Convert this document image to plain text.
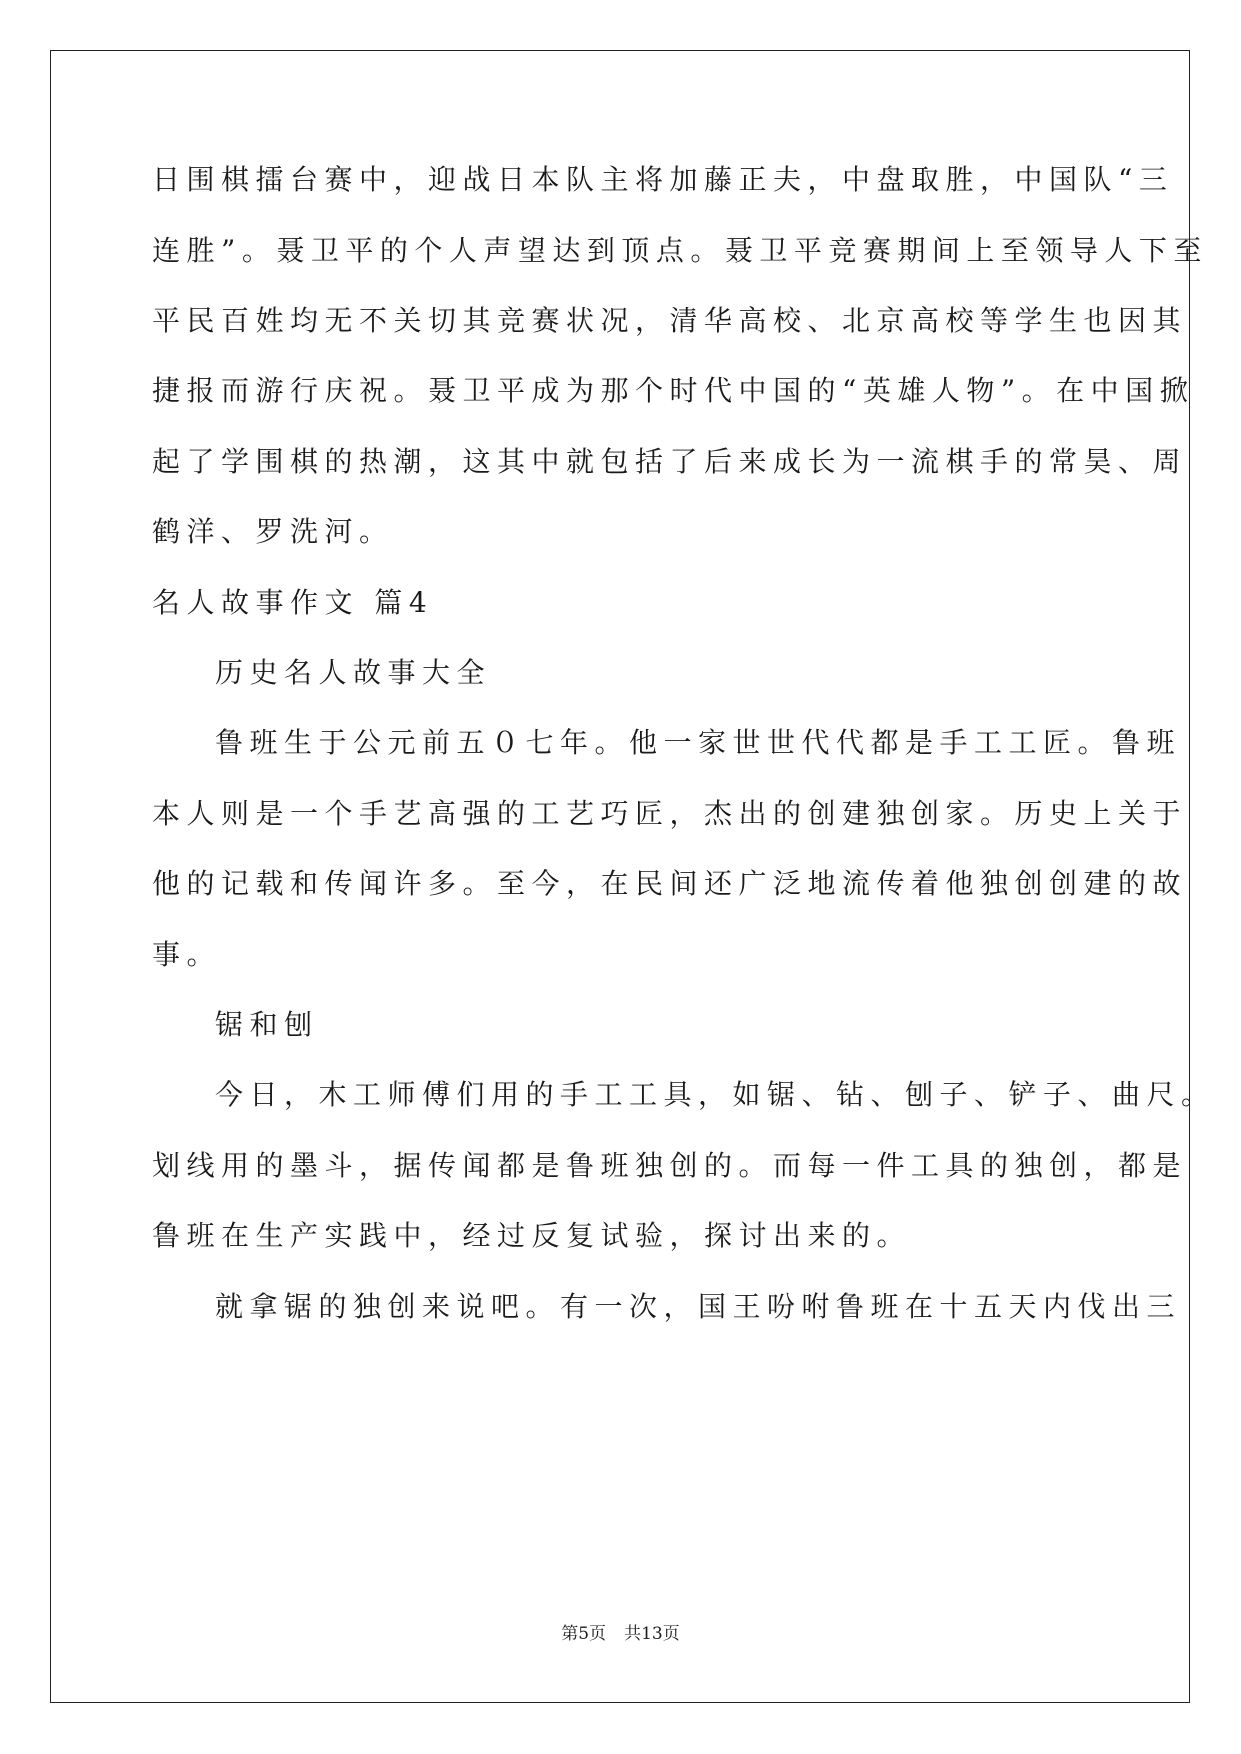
日围棋擂台赛中，迎战日本队主将加藤正夫，中盘取胜，中国队“三
连胜”。聂卫平的个人声望达到顶点。聂卫平竞赛期间上至领导人下至
平民百姓均无不关切其竞赛状况，清华高校、北京高校等学生也因其
捷报而游行庆祝。聂卫平成为那个时代中国的“英雄人物”。在中国掀
起了学围棋的热潮，这其中就包括了后来成长为一流棋手的常昊、周
鹤洋、罗洗河。
名人故事作文 篇4
历史名人故事大全
鲁班生于公元前五０七年。他一家世世代代都是手工工匠。鲁班
本人则是一个手艺高强的工艺巧匠，杰出的创建独创家。历史上关于
他的记载和传闻许多。至今，在民间还广泛地流传着他独创创建的故
事。
锯和刨
今日，木工师傅们用的手工工具，如锯、钻、刨子、铲子、曲尺。
划线用的墨斗，据传闻都是鲁班独创的。而每一件工具的独创，都是
鲁班在生产实践中，经过反复试验，探讨出来的。
就拿锯的独创来说吧。有一次，国王吩咐鲁班在十五天内伐出三
第5页 共13页
